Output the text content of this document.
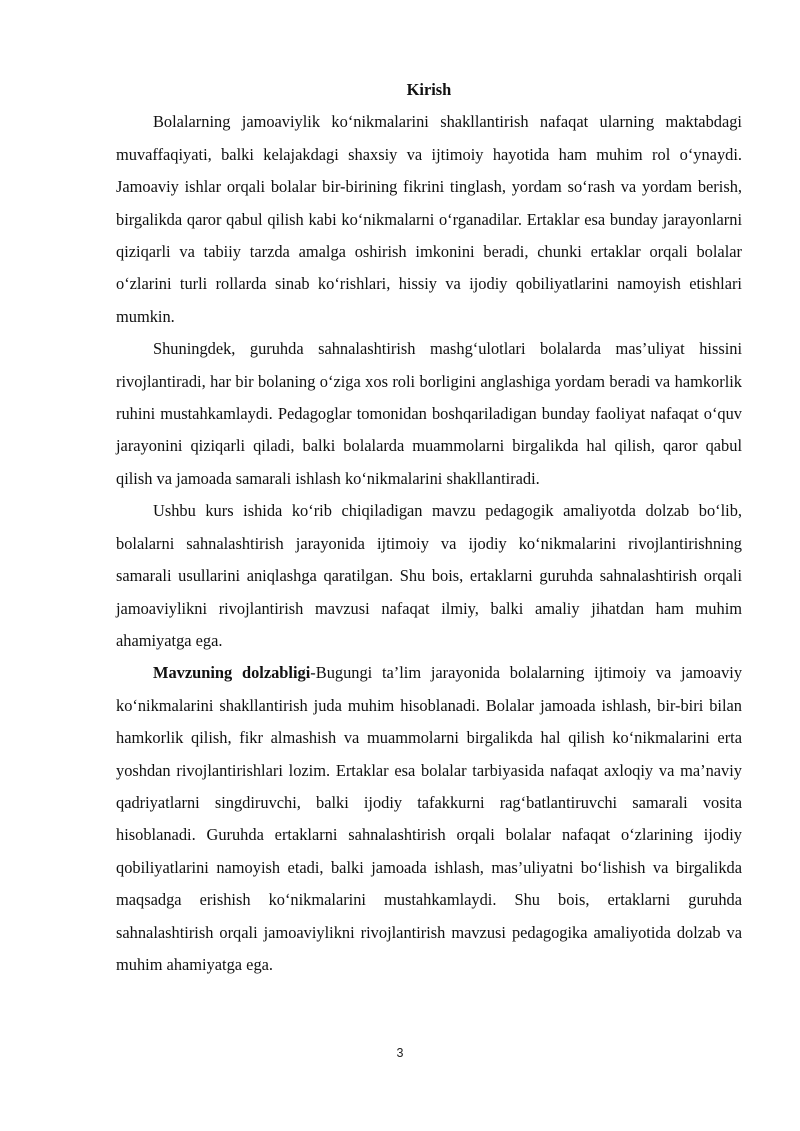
Kirish

Bolalarning jamoaviylik ko‘nikmalarini shakllantirish nafaqat ularning maktabdagi muvaffaqiyati, balki kelajakdagi shaxsiy va ijtimoiy hayotida ham muhim rol o‘ynaydi. Jamoaviy ishlar orqali bolalar bir-birining fikrini tinglash, yordam so‘rash va yordam berish, birgalikda qaror qabul qilish kabi ko‘nikmalarni o‘rganadilar. Ertaklar esa bunday jarayonlarni qiziqarli va tabiiy tarzda amalga oshirish imkonini beradi, chunki ertaklar orqali bolalar o‘zlarini turli rollarda sinab ko‘rishlari, hissiy va ijodiy qobiliyatlarini namoyish etishlari mumkin.

Shuningdek, guruhda sahnalashtirish mashg‘ulotlari bolalarda mas’uliyat hissini rivojlantiradi, har bir bolaning o‘ziga xos roli borligini anglashiga yordam beradi va hamkorlik ruhini mustahkamlaydi. Pedagoglar tomonidan boshqariladigan bunday faoliyat nafaqat o‘quv jarayonini qiziqarli qiladi, balki bolalarda muammolarni birgalikda hal qilish, qaror qabul qilish va jamoada samarali ishlash ko‘nikmalarini shakllantiradi.

Ushbu kurs ishida ko‘rib chiqiladigan mavzu pedagogik amaliyotda dolzab bo‘lib, bolalarni sahnalashtirish jarayonida ijtimoiy va ijodiy ko‘nikmalarini rivojlantirishning samarali usullarini aniqlashga qaratilgan. Shu bois, ertaklarni guruhda sahnalashtirish orqali jamoaviylikni rivojlantirish mavzusi nafaqat ilmiy, balki amaliy jihatdan ham muhim ahamiyatga ega.

Mavzuning dolzabligi-Bugungi ta’lim jarayonida bolalarning ijtimoiy va jamoaviy ko‘nikmalarini shakllantirish juda muhim hisoblanadi. Bolalar jamoada ishlash, bir-biri bilan hamkorlik qilish, fikr almashish va muammolarni birgalikda hal qilish ko‘nikmalarini erta yoshdan rivojlantirishlari lozim. Ertaklar esa bolalar tarbiyasida nafaqat axloqiy va ma’naviy qadriyatlarni singdiruvchi, balki ijodiy tafakkurni rag‘batlantiruvchi samarali vosita hisoblanadi. Guruhda ertaklarni sahnalashtirish orqali bolalar nafaqat o‘zlarining ijodiy qobiliyatlarini namoyish etadi, balki jamoada ishlash, mas’uliyatni bo‘lishish va birgalikda maqsadga erishish ko‘nikmalarini mustahkamlaydi. Shu bois, ertaklarni guruhda sahnalashtirish orqali jamoaviylikni rivojlantirish mavzusi pedagogika amaliyotida dolzab va muhim ahamiyatga ega.

3
